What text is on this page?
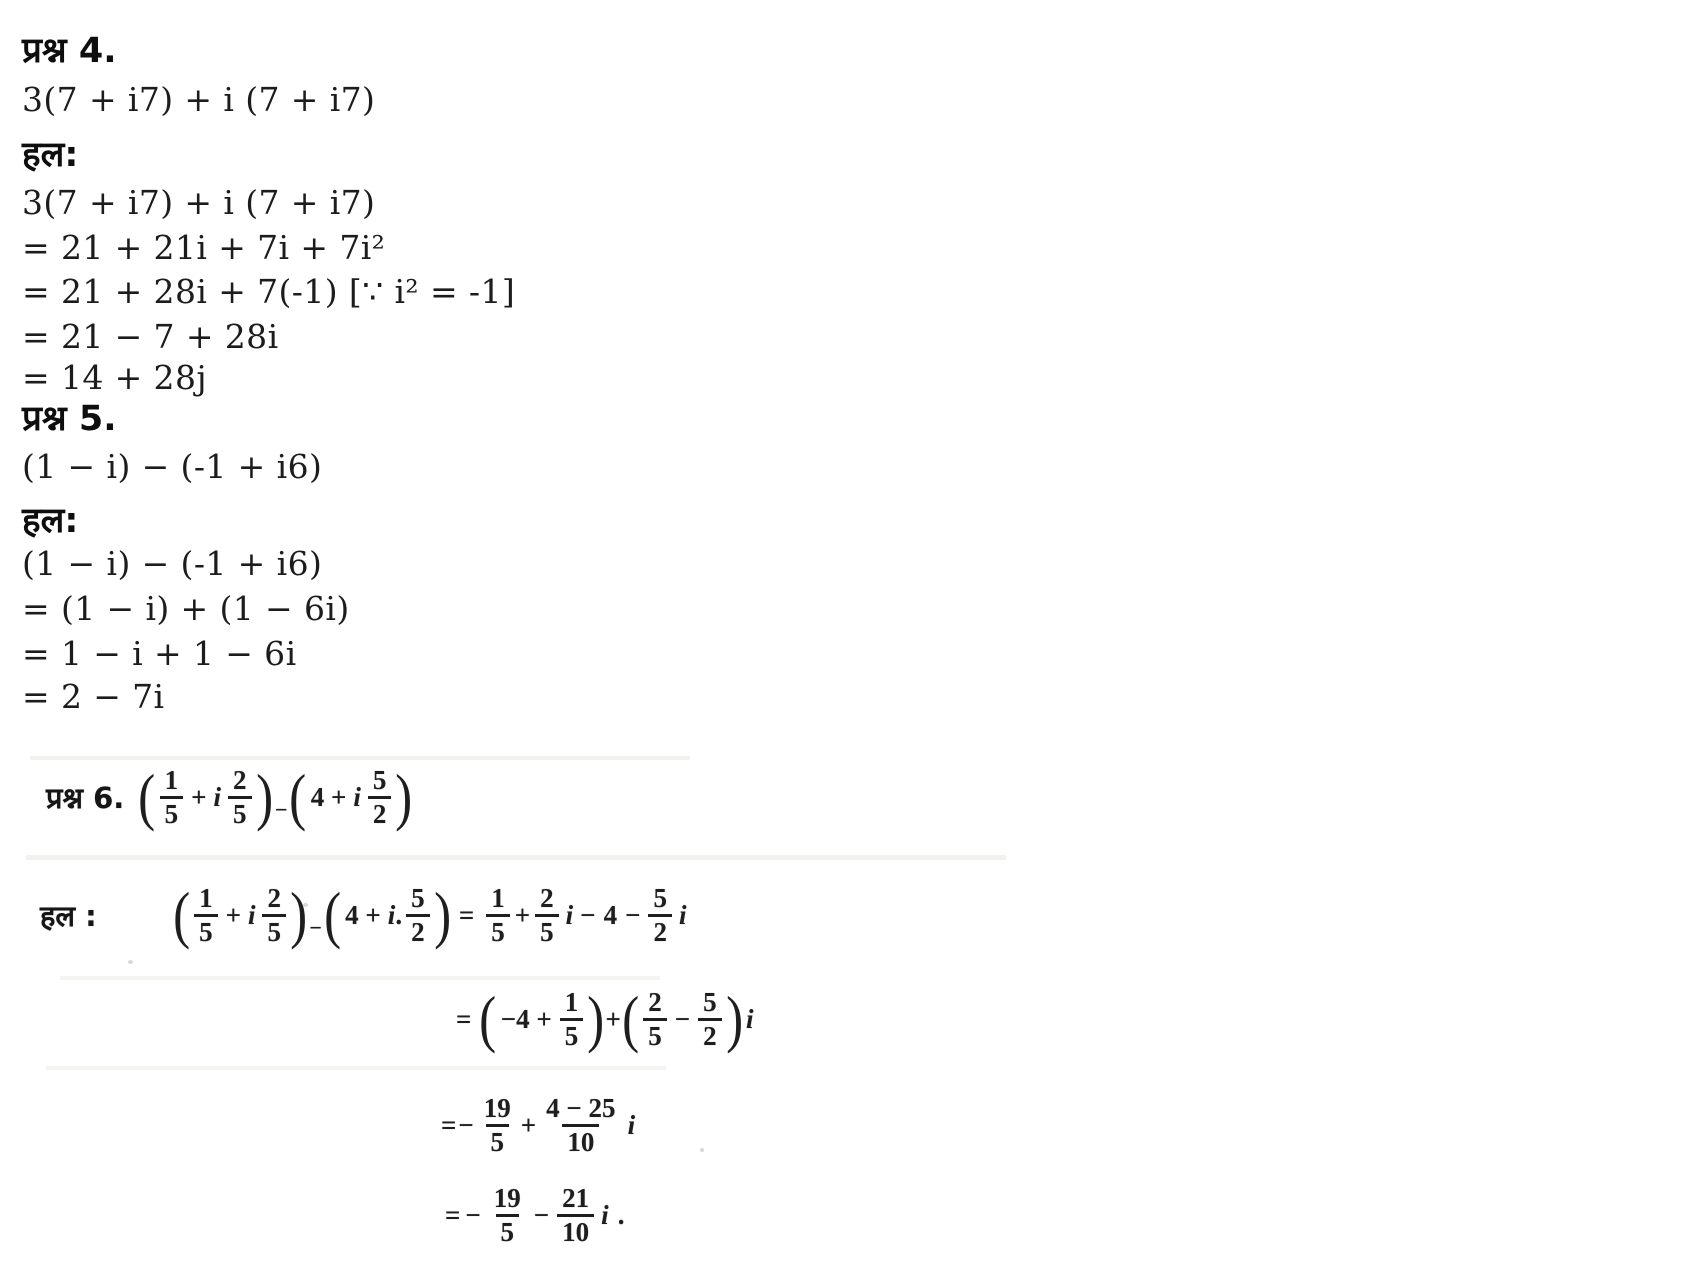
प्रश्न 4.
3(7 + i7) + i (7 + i7)
हल:
3(7 + i7) + i (7 + i7)
= 21 + 21i + 7i + 7i²
= 21 + 28i + 7(-1) [∵ i² = -1]
= 21 − 7 + 28i
= 14 + 28j
प्रश्न 5.
(1 − i) − (-1 + i6)
हल:
(1 − i) − (-1 + i6)
= (1 − i) + (1 − 6i)
= 1 − i + 1 − 6i
= 2 − 7i
प्रश्न 6. ( $\frac{1}{5} + i \frac{2}{5}$ ) − ( 4 + i $\frac{5}{2}$ )
हल : ( $\frac{1}{5} + i \frac{2}{5}$ ) − ( 4 + i . $\frac{5}{2}$ ) = $\frac{1}{5} + \frac{2}{5}$ $i - 4 - \frac{5}{2}$ i
= ( $-4 + \frac{1}{5}$ ) + ( $\frac{2}{5} - \frac{5}{2}$ ) i
= − $\frac{19}{5} + \frac{4 - 25}{10}$ i
= − $\frac{19}{5} - \frac{21}{10}$ i .
